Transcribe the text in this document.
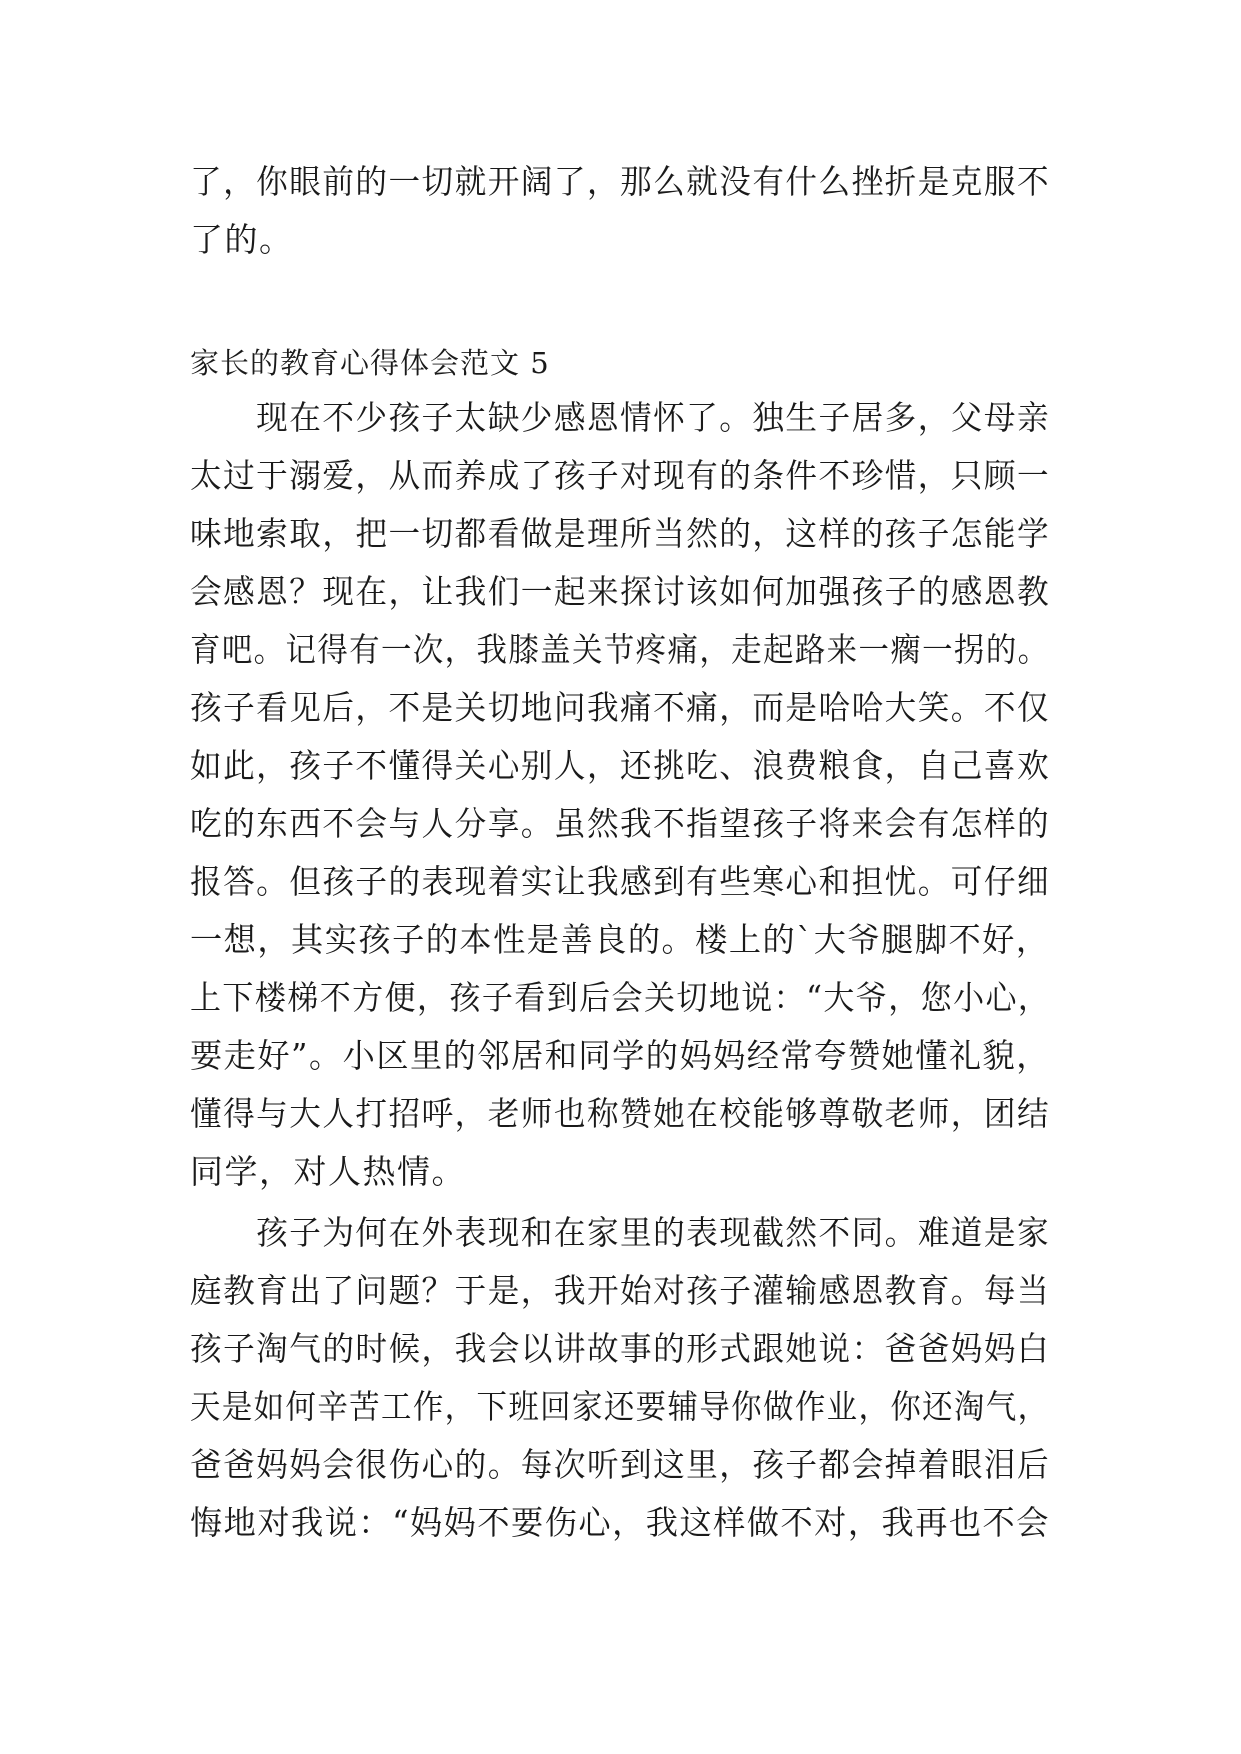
了，你眼前的一切就开阔了，那么就没有什么挫折是克服不
了的。
家长的教育心得体会范文 5
　　现在不少孩子太缺少感恩情怀了。独生子居多，父母亲
太过于溺爱，从而养成了孩子对现有的条件不珍惜，只顾一
味地索取，把一切都看做是理所当然的，这样的孩子怎能学
会感恩？现在，让我们一起来探讨该如何加强孩子的感恩教
育吧。记得有一次，我膝盖关节疼痛，走起路来一瘸一拐的。
孩子看见后，不是关切地问我痛不痛，而是哈哈大笑。不仅
如此，孩子不懂得关心别人，还挑吃、浪费粮食，自己喜欢
吃的东西不会与人分享。虽然我不指望孩子将来会有怎样的
报答。但孩子的表现着实让我感到有些寒心和担忧。可仔细
一想，其实孩子的本性是善良的。楼上的`大爷腿脚不好，
上下楼梯不方便，孩子看到后会关切地说：“大爷，您小心，
要走好”。小区里的邻居和同学的妈妈经常夸赞她懂礼貌，
懂得与大人打招呼，老师也称赞她在校能够尊敬老师，团结
同学，对人热情。
　　孩子为何在外表现和在家里的表现截然不同。难道是家
庭教育出了问题？于是，我开始对孩子灌输感恩教育。每当
孩子淘气的时候，我会以讲故事的形式跟她说：爸爸妈妈白
天是如何辛苦工作，下班回家还要辅导你做作业，你还淘气，
爸爸妈妈会很伤心的。每次听到这里，孩子都会掉着眼泪后
悔地对我说：“妈妈不要伤心，我这样做不对，我再也不会
